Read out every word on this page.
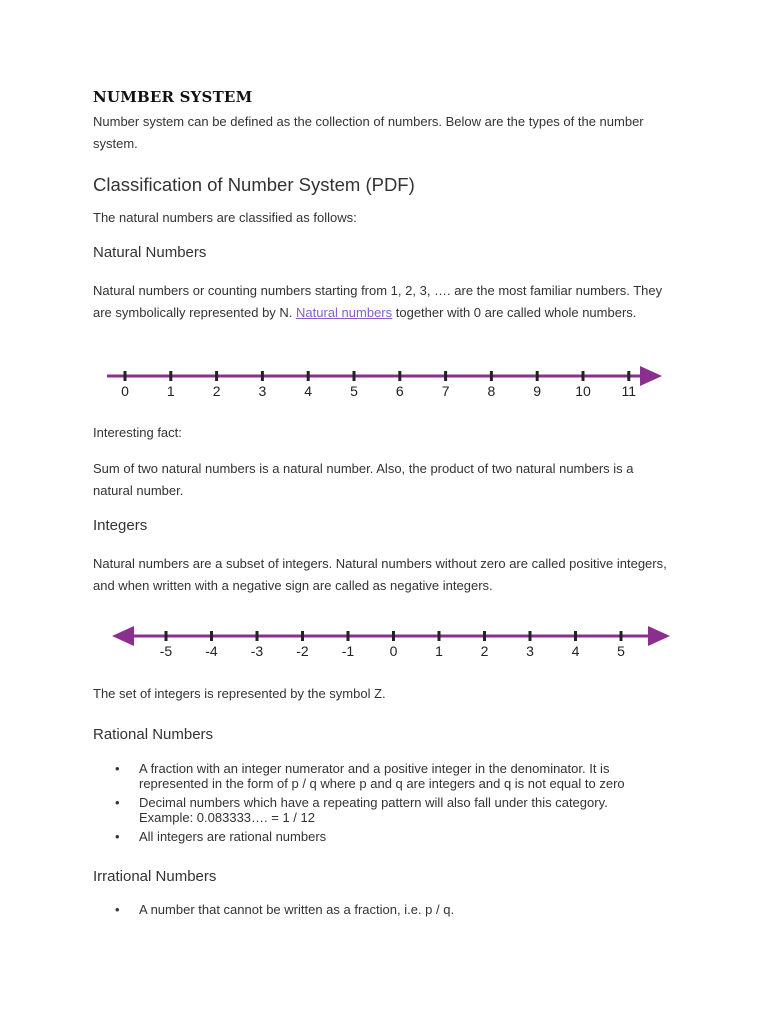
NUMBER SYSTEM

Number system can be defined as the collection of numbers. Below are the types of the number system.

Classification of Number System (PDF)

The natural numbers are classified as follows:

Natural Numbers

Natural numbers or counting numbers starting from 1, 2, 3, …. are the most familiar numbers. They are symbolically represented by N. Natural numbers together with 0 are called whole numbers.

0	1	2	3	4	5	6	7	8	9 10 11

Interesting fact:

Sum of two natural numbers is a natural number. Also, the product of two natural numbers is a natural number.

Integers

Natural numbers are a subset of integers. Natural numbers without zero are called positive integers, and when written with a negative sign are called as negative integers.

-5 -4 -3 -2 -1	0	1	2	3	4	5

The set of integers is represented by the symbol Z.

Rational Numbers
• A fraction with an integer numerator and a positive integer in the denominator. It is represented in the form of p / q where p and q are integers and q is not equal to zero
• Decimal numbers which have a repeating pattern will also fall under this category. Example: 0.083333…. = 1 / 12
• All integers are rational numbers
Irrational Numbers
• A number that cannot be written as a fraction, i.e. p / q.
